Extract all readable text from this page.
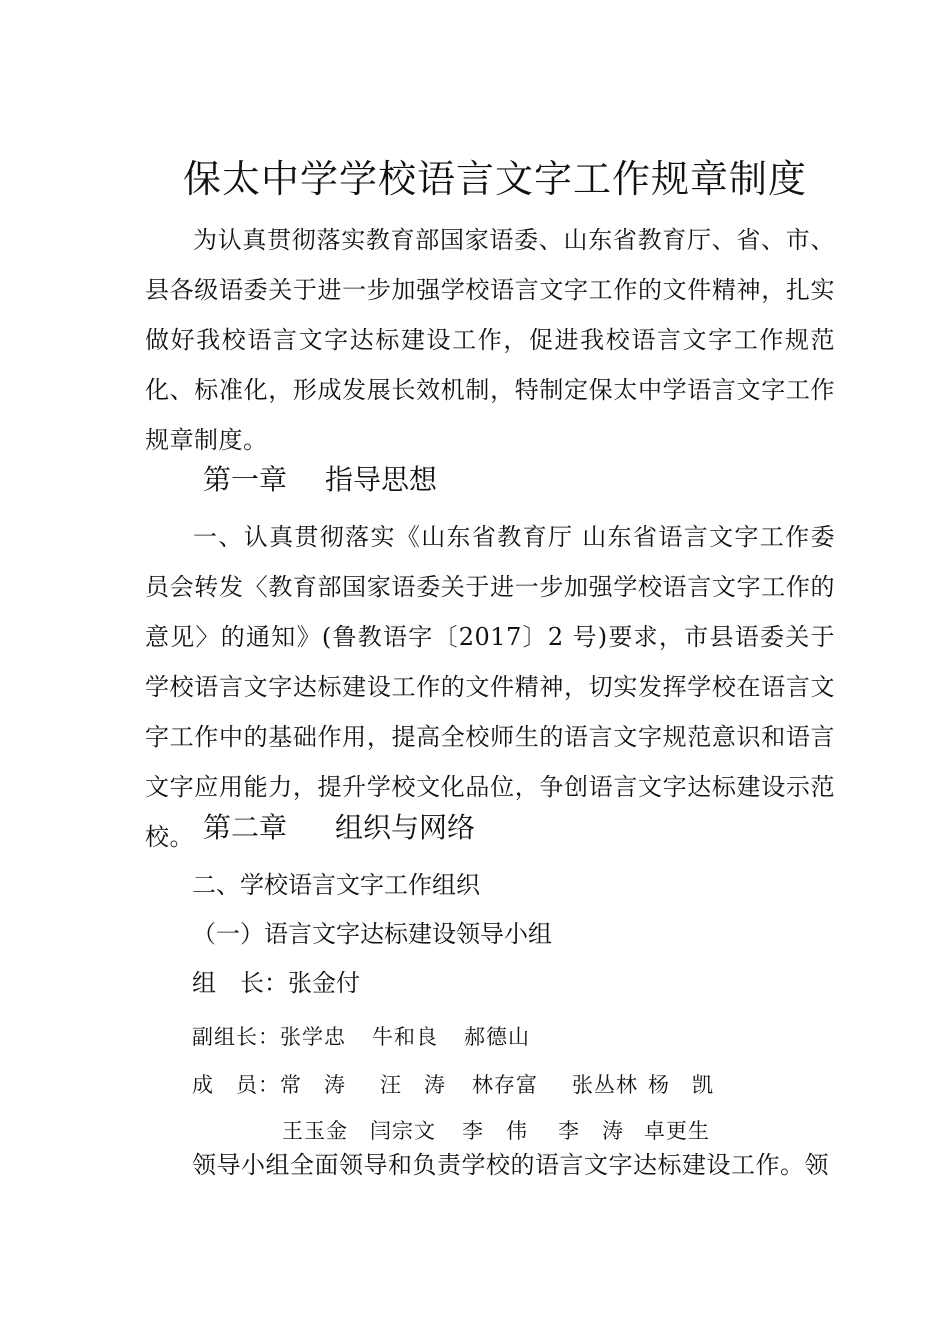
保太中学学校语言文字工作规章制度
为认真贯彻落实教育部国家语委、山东省教育厅、省、市、县各级语委关于进一步加强学校语言文字工作的文件精神，扎实做好我校语言文字达标建设工作，促进我校语言文字工作规范化、标准化，形成发展长效机制，特制定保太中学语言文字工作规章制度。
第一章 指导思想
一、认真贯彻落实《山东省教育厅 山东省语言文字工作委员会转发〈教育部国家语委关于进一步加强学校语言文字工作的意见〉的通知》(鲁教语字〔2017〕2 号)要求，市县语委关于学校语言文字达标建设工作的文件精神，切实发挥学校在语言文字工作中的基础作用，提高全校师生的语言文字规范意识和语言文字应用能力，提升学校文化品位，争创语言文字达标建设示范校。 第二章 组织与网络
二、学校语言文字工作组织
（一）语言文字达标建设领导小组
组　长：张金付
副组长：张学忠 牛和良 郝德山
成　员：常　涛 汪　涛 林存富 张丛林 杨　凯
王玉金 闫宗文 李　伟 李　涛 卓更生
领导小组全面领导和负责学校的语言文字达标建设工作。领
